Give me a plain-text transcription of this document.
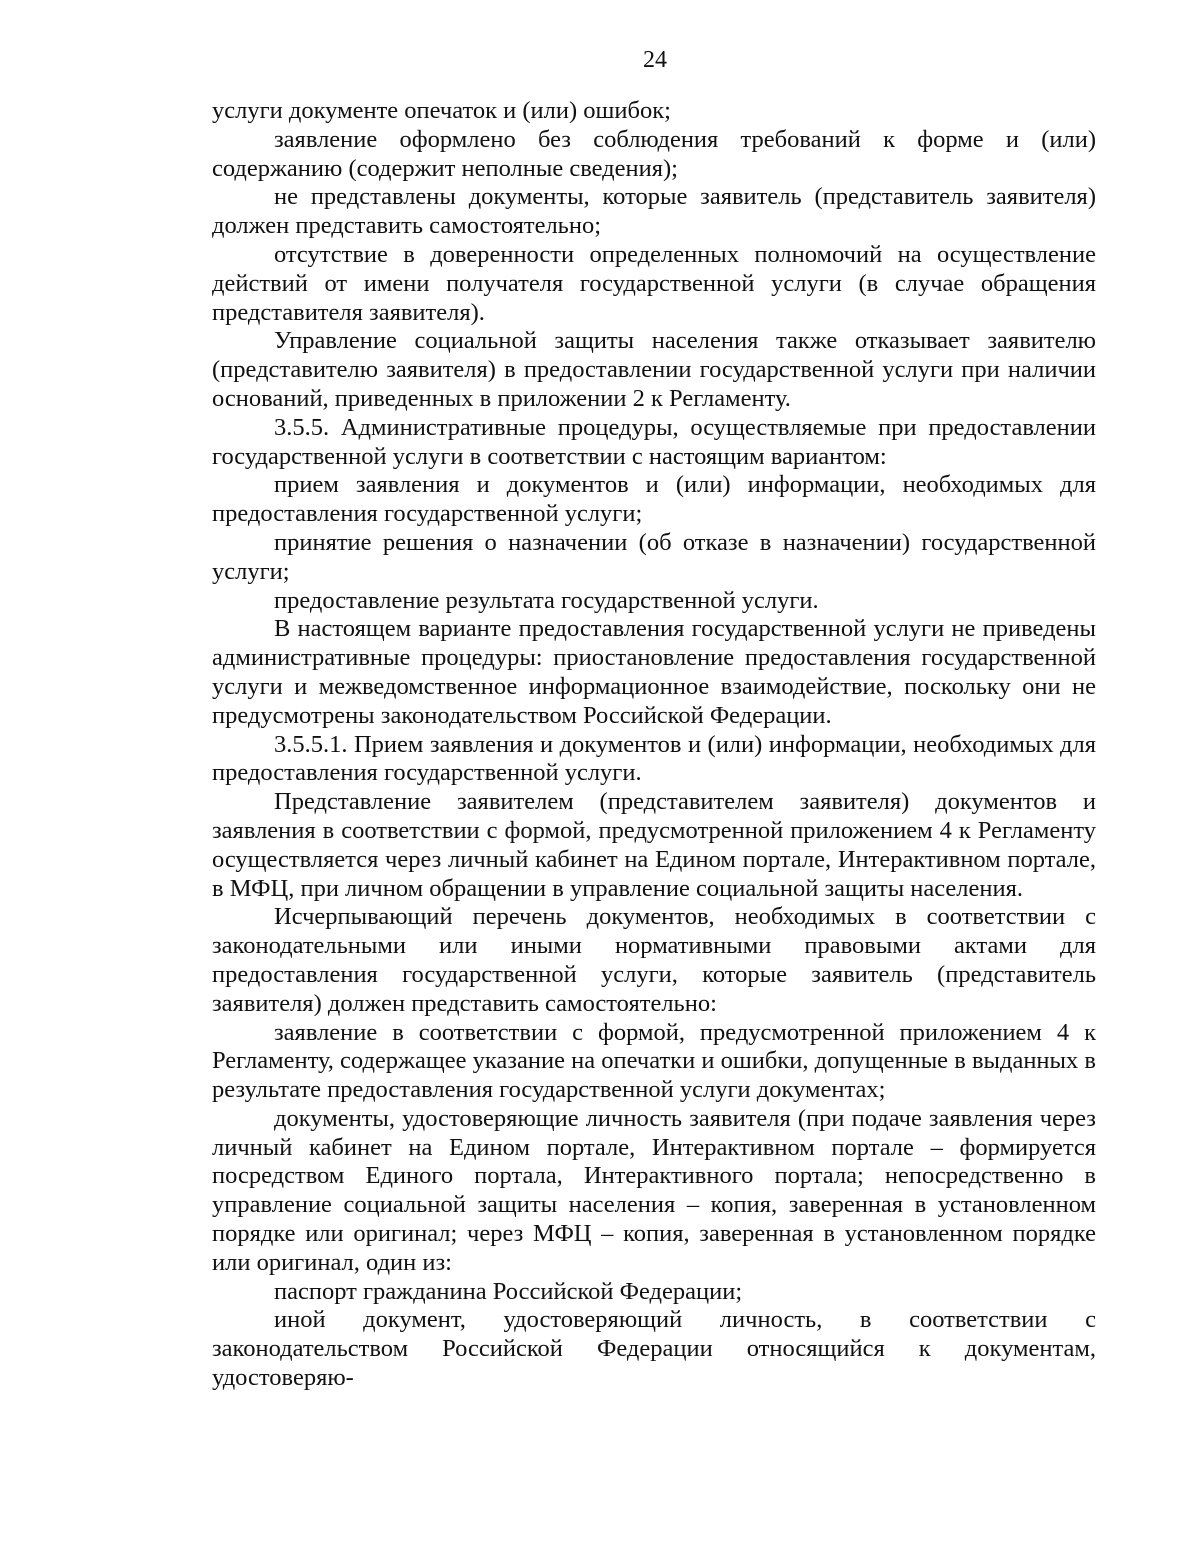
24

услуги документе опечаток и (или) ошибок;

заявление оформлено без соблюдения требований к форме и (или) содержанию (содержит неполные сведения);

не представлены документы, которые заявитель (представитель заявителя) должен представить самостоятельно;

отсутствие в доверенности определенных полномочий на осуществление действий от имени получателя государственной услуги (в случае обращения представителя заявителя).

Управление социальной защиты населения также отказывает заявителю (представителю заявителя) в предоставлении государственной услуги при наличии оснований, приведенных в приложении 2 к Регламенту.

3.5.5. Административные процедуры, осуществляемые при предоставлении государственной услуги в соответствии с настоящим вариантом:

прием заявления и документов и (или) информации, необходимых для предоставления государственной услуги;

принятие решения о назначении (об отказе в назначении) государственной услуги;

предоставление результата государственной услуги.

В настоящем варианте предоставления государственной услуги не приведены административные процедуры: приостановление предоставления государственной услуги и межведомственное информационное взаимодействие, поскольку они не предусмотрены законодательством Российской Федерации.

3.5.5.1. Прием заявления и документов и (или) информации, необходимых для предоставления государственной услуги.

Представление заявителем (представителем заявителя) документов и заявления в соответствии с формой, предусмотренной приложением 4 к Регламенту осуществляется через личный кабинет на Едином портале, Интерактивном портале, в МФЦ, при личном обращении в управление социальной защиты населения.

Исчерпывающий перечень документов, необходимых в соответствии с законодательными или иными нормативными правовыми актами для предоставления государственной услуги, которые заявитель (представитель заявителя) должен представить самостоятельно:

заявление в соответствии с формой, предусмотренной приложением 4 к Регламенту, содержащее указание на опечатки и ошибки, допущенные в выданных в результате предоставления государственной услуги документах;

документы, удостоверяющие личность заявителя (при подаче заявления через личный кабинет на Едином портале, Интерактивном портале – формируется посредством Единого портала, Интерактивного портала; непосредственно в управление социальной защиты населения – копия, заверенная в установленном порядке или оригинал; через МФЦ – копия, заверенная в установленном порядке или оригинал, один из:

паспорт гражданина Российской Федерации;

иной документ, удостоверяющий личность, в соответствии с законодательством Российской Федерации относящийся к документам, удостоверяю-
